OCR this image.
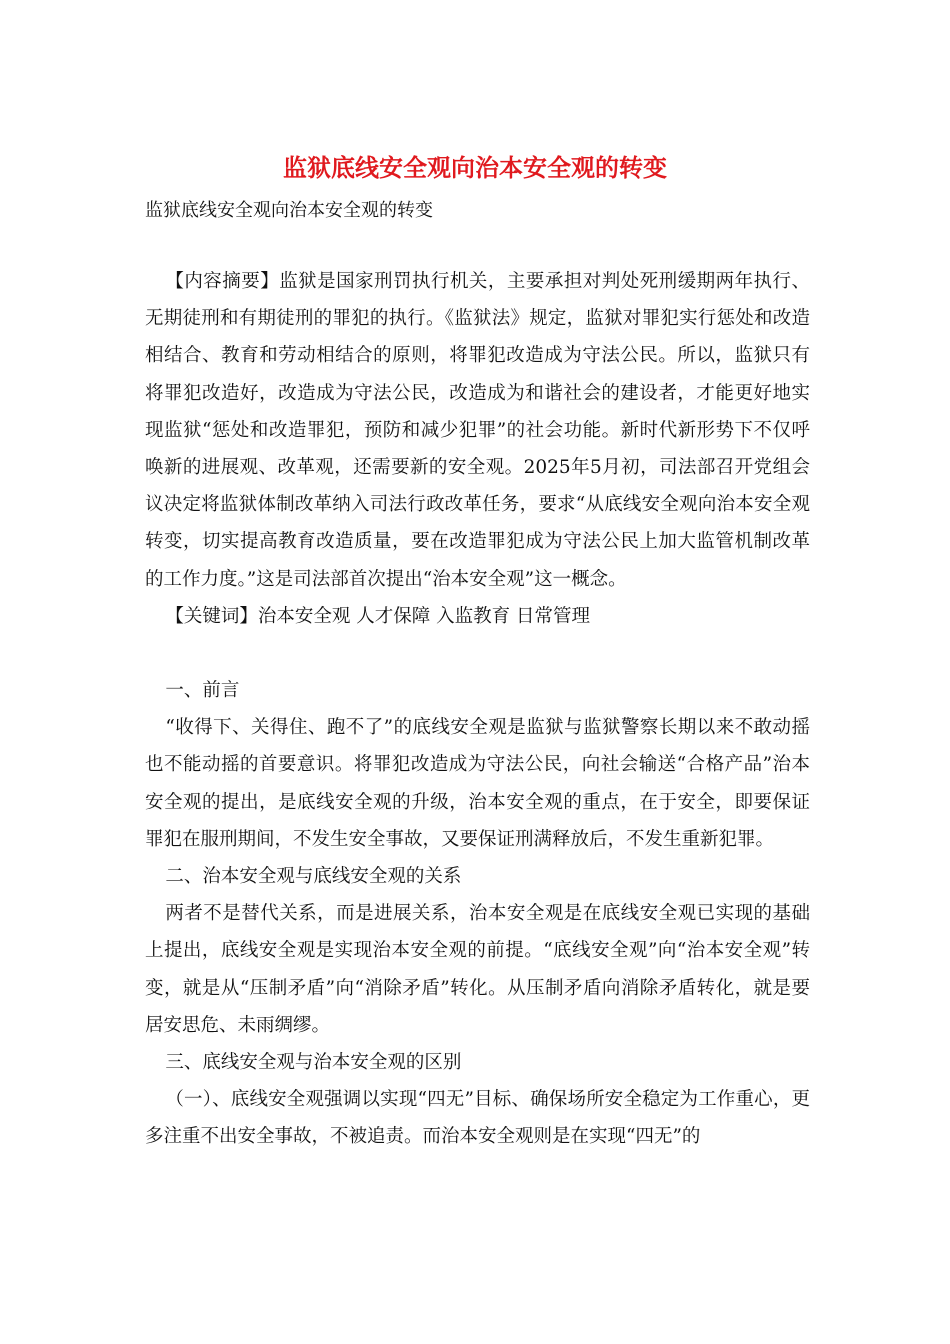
监狱底线安全观向治本安全观的转变

监狱底线安全观向治本安全观的转变

【内容摘要】监狱是国家刑罚执行机关，主要承担对判处死刑缓期两年执行、无期徒刑和有期徒刑的罪犯的执行。《监狱法》规定，监狱对罪犯实行惩处和改造相结合、教育和劳动相结合的原则，将罪犯改造成为守法公民。所以，监狱只有将罪犯改造好，改造成为守法公民，改造成为和谐社会的建设者，才能更好地实现监狱“惩处和改造罪犯，预防和减少犯罪”的社会功能。新时代新形势下不仅呼唤新的进展观、改革观，还需要新的安全观。2025年5月初，司法部召开党组会议决定将监狱体制改革纳入司法行政改革任务，要求“从底线安全观向治本安全观转变，切实提高教育改造质量，要在改造罪犯成为守法公民上加大监管机制改革的工作力度。”这是司法部首次提出“治本安全观”这一概念。

【关键词】治本安全观 人才保障 入监教育 日常管理

一、前言

“收得下、关得住、跑不了”的底线安全观是监狱与监狱警察长期以来不敢动摇也不能动摇的首要意识。将罪犯改造成为守法公民，向社会输送“合格产品”治本安全观的提出，是底线安全观的升级，治本安全观的重点，在于安全，即要保证罪犯在服刑期间，不发生安全事故，又要保证刑满释放后，不发生重新犯罪。

二、治本安全观与底线安全观的关系

两者不是替代关系，而是进展关系，治本安全观是在底线安全观已实现的基础上提出，底线安全观是实现治本安全观的前提。“底线安全观”向“治本安全观”转变，就是从“压制矛盾”向“消除矛盾”转化。从压制矛盾向消除矛盾转化，就是要居安思危、未雨绸缪。

三、底线安全观与治本安全观的区别

（一）、底线安全观强调以实现“四无”目标、确保场所安全稳定为工作重心，更多注重不出安全事故，不被追责。而治本安全观则是在实现“四无”的
